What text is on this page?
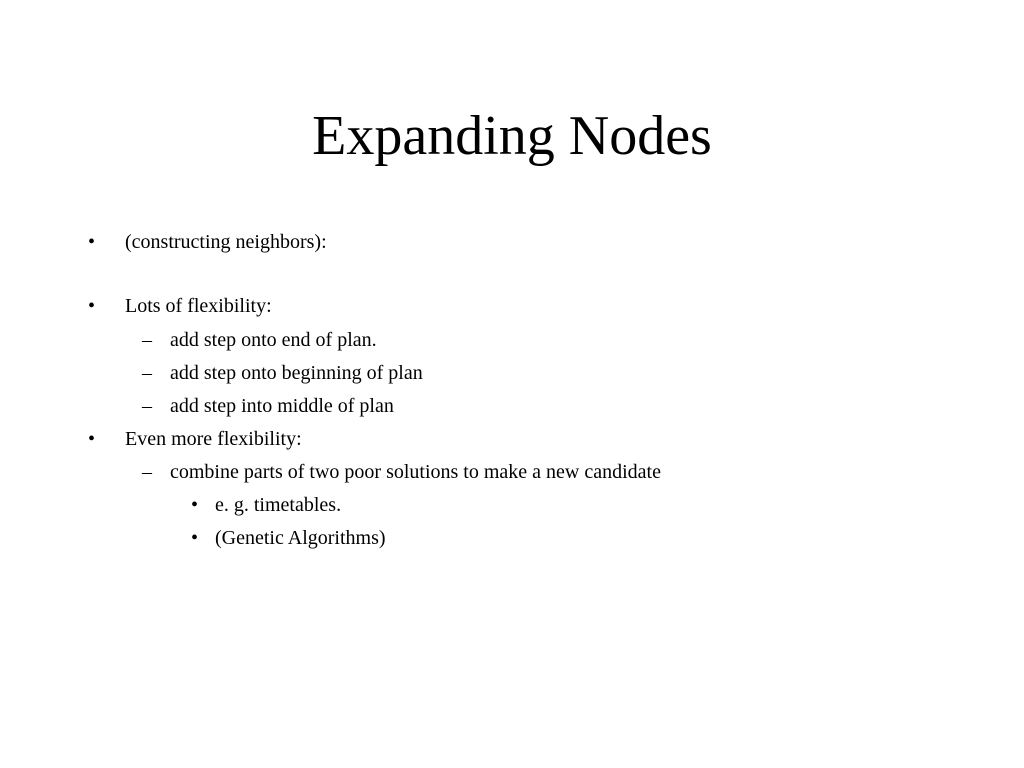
Expanding Nodes
• (constructing neighbors):
• Lots of flexibility:
– add step onto end of plan.
– add step onto beginning of plan
– add step into middle of plan
• Even more flexibility:
– combine parts of two poor solutions to make a new candidate
• e. g. timetables.
• (Genetic Algorithms)
